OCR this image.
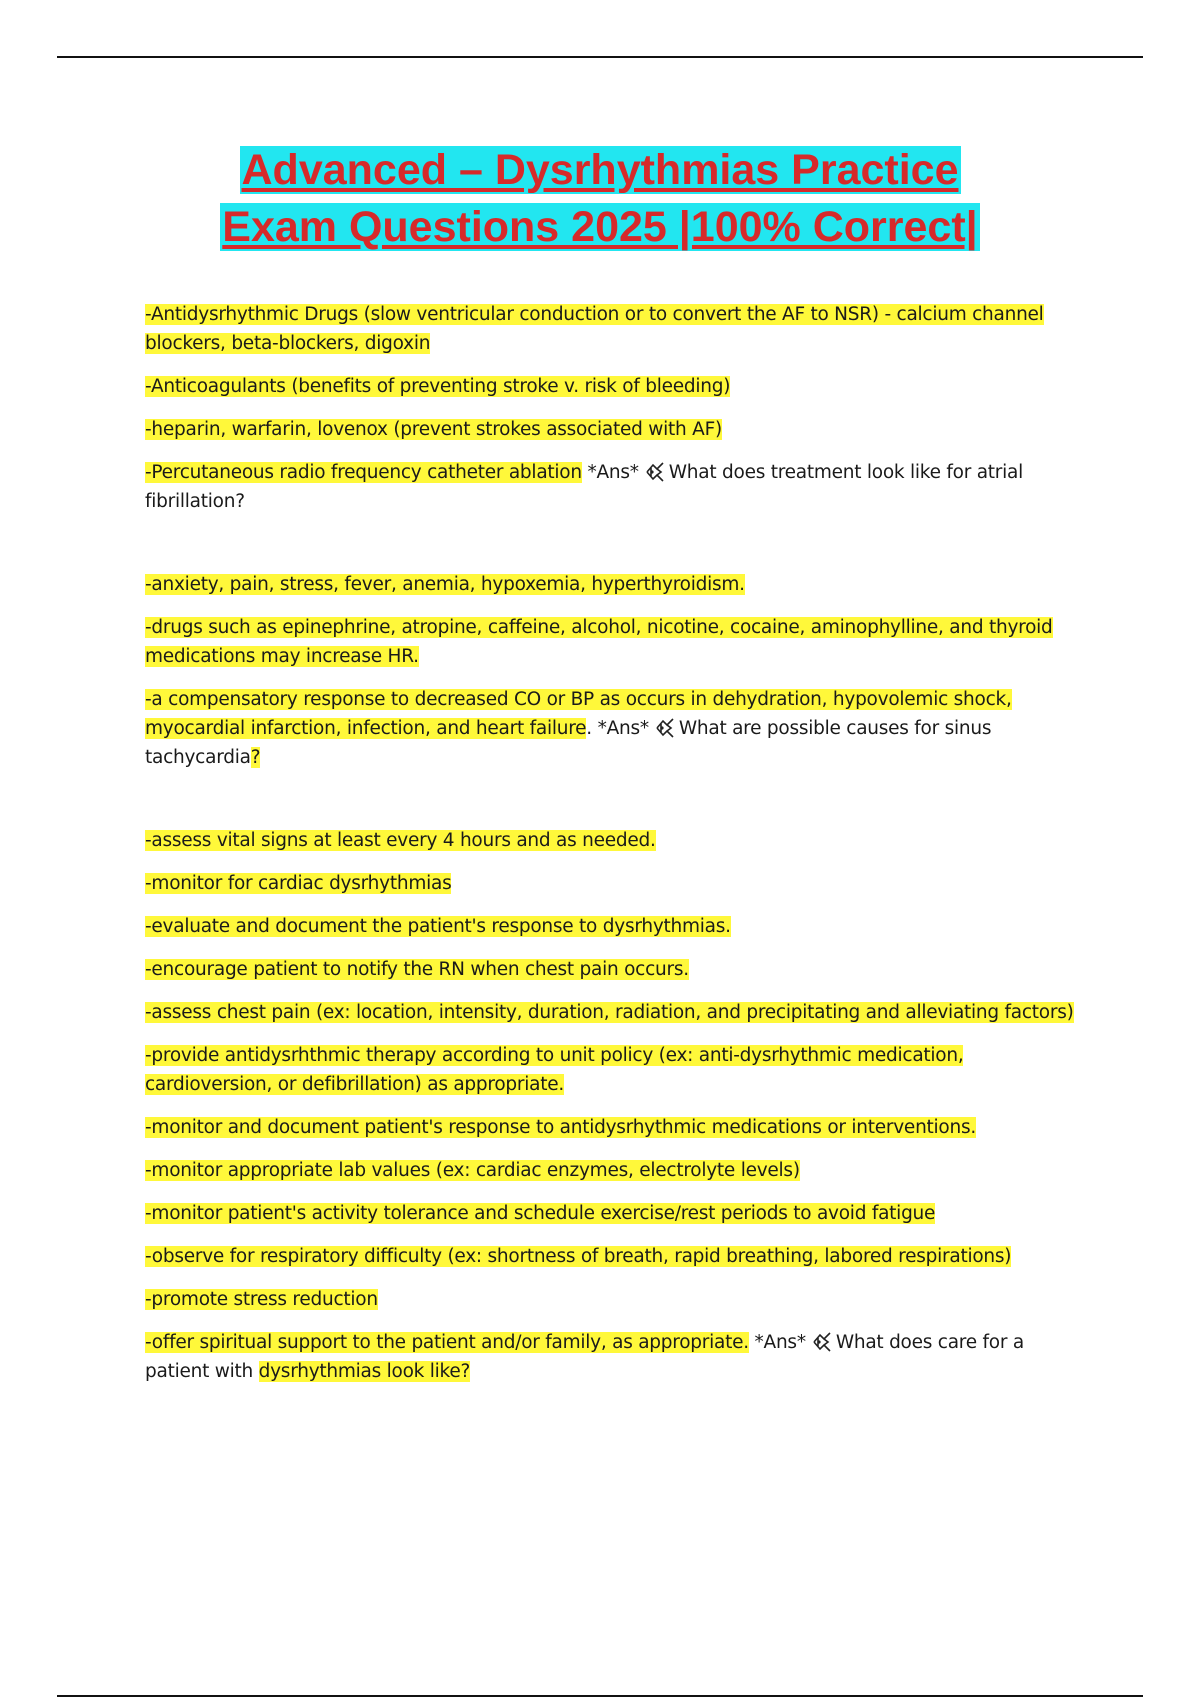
Advanced – Dysrhythmias Practice
Exam Questions 2025 |100% Correct|

-Antidysrhythmic Drugs (slow ventricular conduction or to convert the AF to NSR) - calcium channel blockers, beta-blockers, digoxin

-Anticoagulants (benefits of preventing stroke v. risk of bleeding)

-heparin, warfarin, lovenox (prevent strokes associated with AF)

-Percutaneous radio frequency catheter ablation *Ans* What does treatment look like for atrial fibrillation?

-anxiety, pain, stress, fever, anemia, hypoxemia, hyperthyroidism.

-drugs such as epinephrine, atropine, caffeine, alcohol, nicotine, cocaine, aminophylline, and thyroid medications may increase HR.

-a compensatory response to decreased CO or BP as occurs in dehydration, hypovolemic shock, myocardial infarction, infection, and heart failure. *Ans* What are possible causes for sinus tachycardia?

-assess vital signs at least every 4 hours and as needed.

-monitor for cardiac dysrhythmias

-evaluate and document the patient's response to dysrhythmias.

-encourage patient to notify the RN when chest pain occurs.

-assess chest pain (ex: location, intensity, duration, radiation, and precipitating and alleviating factors)

-provide antidysrhthmic therapy according to unit policy (ex: anti-dysrhythmic medication, cardioversion, or defibrillation) as appropriate.

-monitor and document patient's response to antidysrhythmic medications or interventions.

-monitor appropriate lab values (ex: cardiac enzymes, electrolyte levels)

-monitor patient's activity tolerance and schedule exercise/rest periods to avoid fatigue

-observe for respiratory difficulty (ex: shortness of breath, rapid breathing, labored respirations)

-promote stress reduction

-offer spiritual support to the patient and/or family, as appropriate. *Ans* What does care for a patient with dysrhythmias look like?
